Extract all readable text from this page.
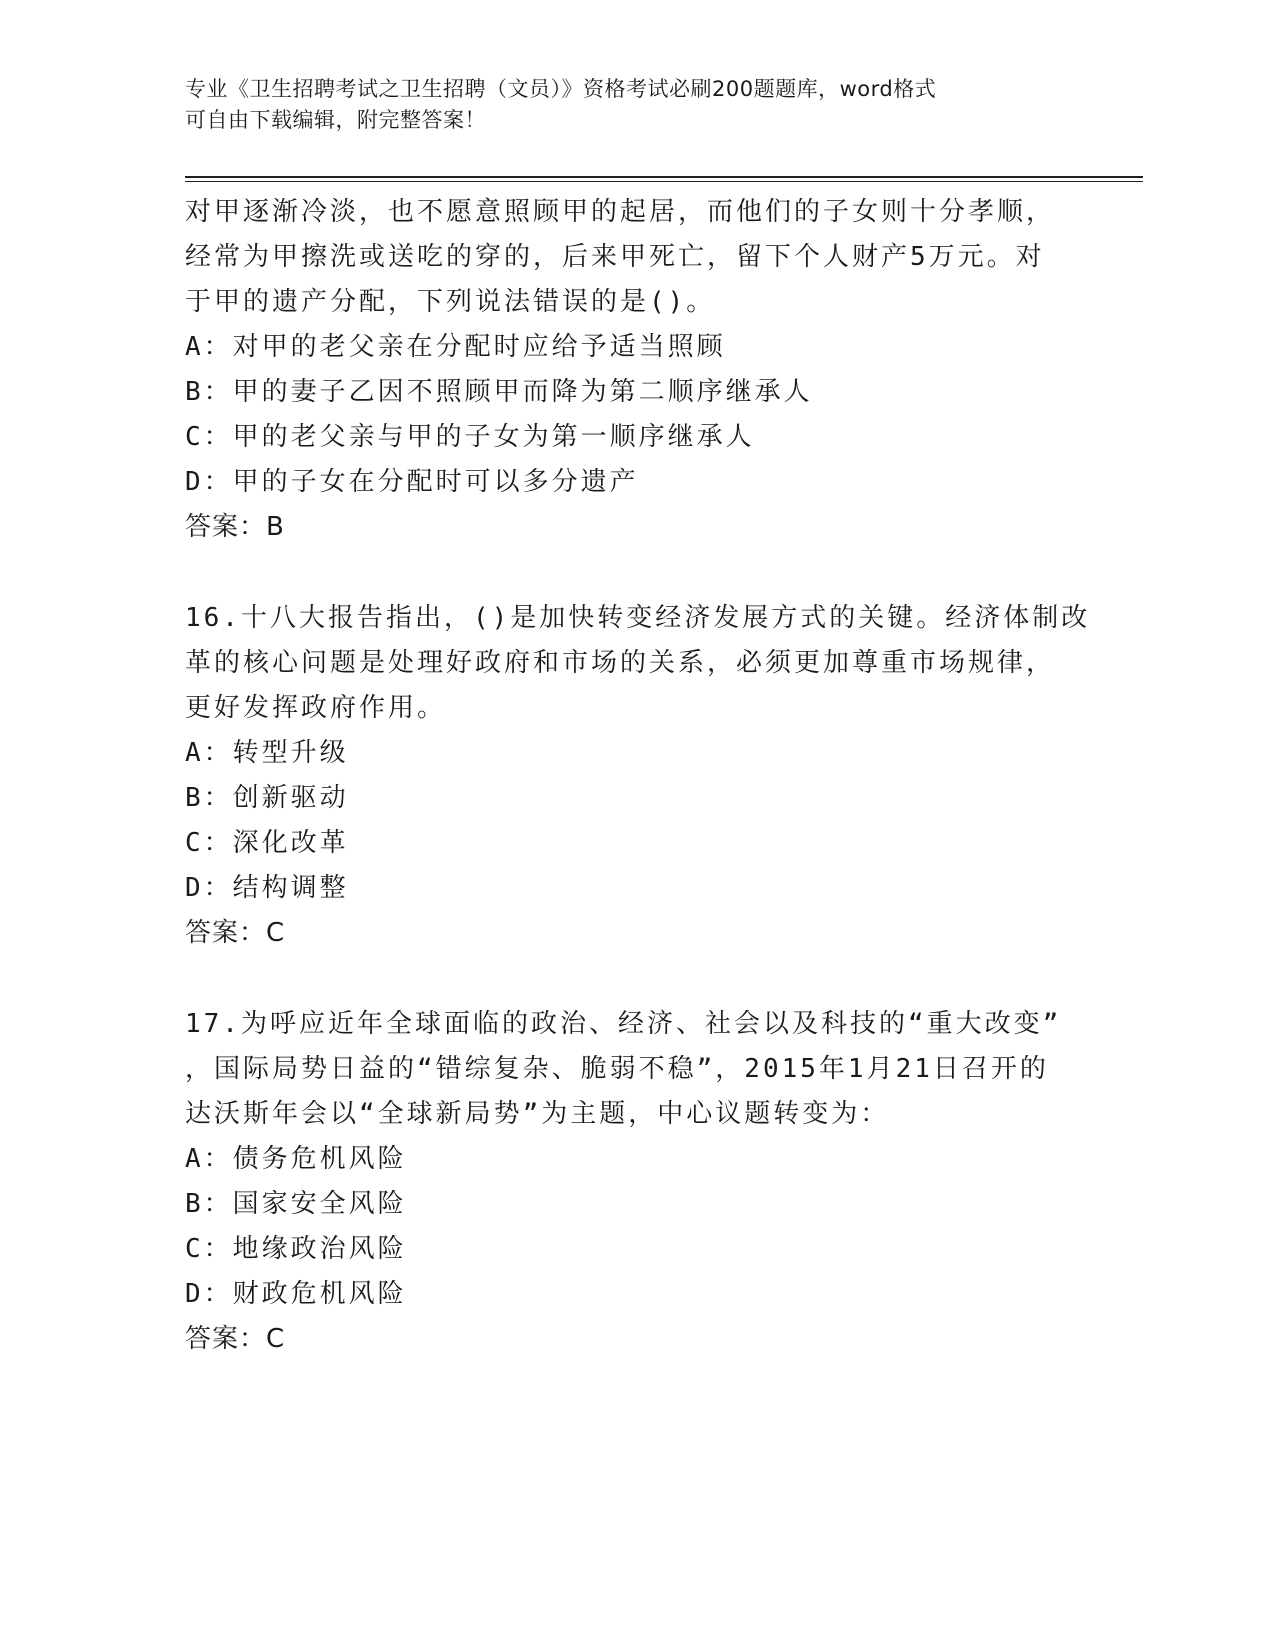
专业《卫生招聘考试之卫生招聘（文员）》资格考试必刷200题题库，word格式
可自由下载编辑，附完整答案！
对甲逐渐冷淡，也不愿意照顾甲的起居，而他们的子女则十分孝顺，
经常为甲擦洗或送吃的穿的，后来甲死亡，留下个人财产5万元。对
于甲的遗产分配，下列说法错误的是()。
A：对甲的老父亲在分配时应给予适当照顾
B：甲的妻子乙因不照顾甲而降为第二顺序继承人
C：甲的老父亲与甲的子女为第一顺序继承人
D：甲的子女在分配时可以多分遗产
答案：B
16.十八大报告指出，()是加快转变经济发展方式的关键。经济体制改
革的核心问题是处理好政府和市场的关系，必须更加尊重市场规律，
更好发挥政府作用。
A：转型升级
B：创新驱动
C：深化改革
D：结构调整
答案：C
17.为呼应近年全球面临的政治、经济、社会以及科技的“重大改变”
，国际局势日益的“错综复杂、脆弱不稳”，2015年1月21日召开的
达沃斯年会以“全球新局势”为主题，中心议题转变为：
A：债务危机风险
B：国家安全风险
C：地缘政治风险
D：财政危机风险
答案：C
